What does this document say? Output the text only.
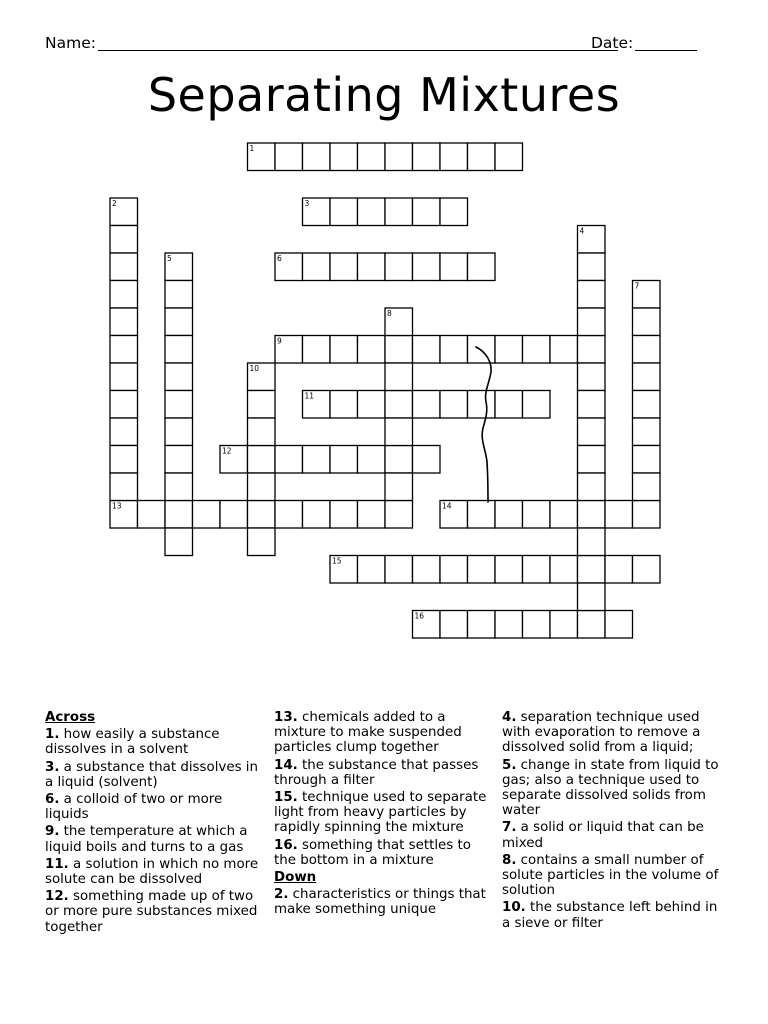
Name:	Date:
Separating Mixtures
1
3
6
9
11
12
13	14
15
16
2
4
5
7
8
10
Across
1. how easily a substance dissolves in a solvent
3. a substance that dissolves in a liquid (solvent)
6. a colloid of two or more liquids
9. the temperature at which a liquid boils and turns to a gas
11. a solution in which no more solute can be dissolved
12. something made up of two or more pure substances mixed together
13. chemicals added to a mixture to make suspended particles clump together
14. the substance that passes through a filter
15. technique used to separate light from heavy particles by rapidly spinning the mixture
16. something that settles to the bottom in a mixture
Down
2. characteristics or things that make something unique
4. separation technique used with evaporation to remove a dissolved solid from a liquid;
5. change in state from liquid to gas; also a technique used to separate dissolved solids from water
7. a solid or liquid that can be mixed
8. contains a small number of solute particles in the volume of solution
10. the substance left behind in a sieve or filter
